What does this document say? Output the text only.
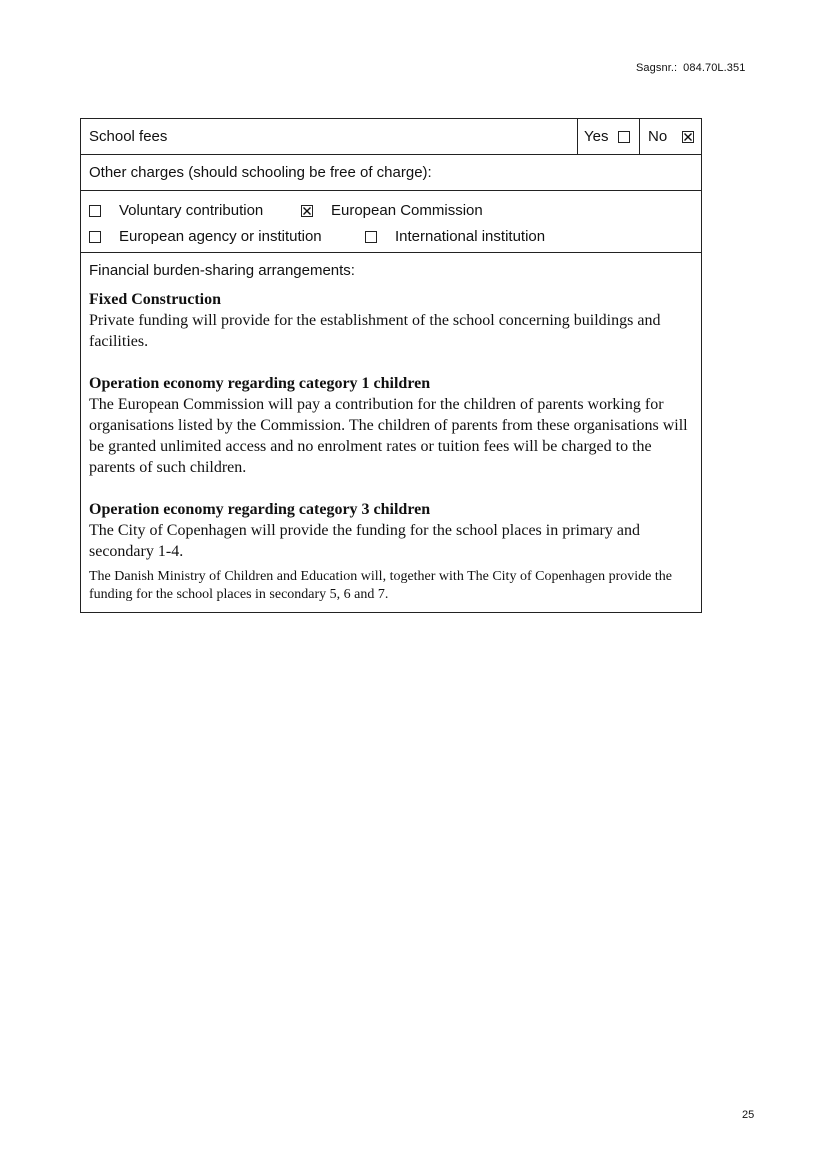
Sagsnr.: 084.70L.351
School fees	Yes	No
Other charges (should schooling be free of charge):
Voluntary contribution	European Commission
European agency or institution	International institution
Financial burden-sharing arrangements:
Fixed Construction
Private funding will provide for the establishment of the school concerning buildings and facilities.
Operation economy regarding category 1 children
The European Commission will pay a contribution for the children of parents working for organisations listed by the Commission. The children of parents from these organisations will be granted unlimited access and no enrolment rates or tuition fees will be charged to the parents of such children.
Operation economy regarding category 3 children
The City of Copenhagen will provide the funding for the school places in primary and secondary 1-4.
The Danish Ministry of Children and Education will, together with The City of Copenhagen provide the funding for the school places in secondary 5, 6 and 7.
25
